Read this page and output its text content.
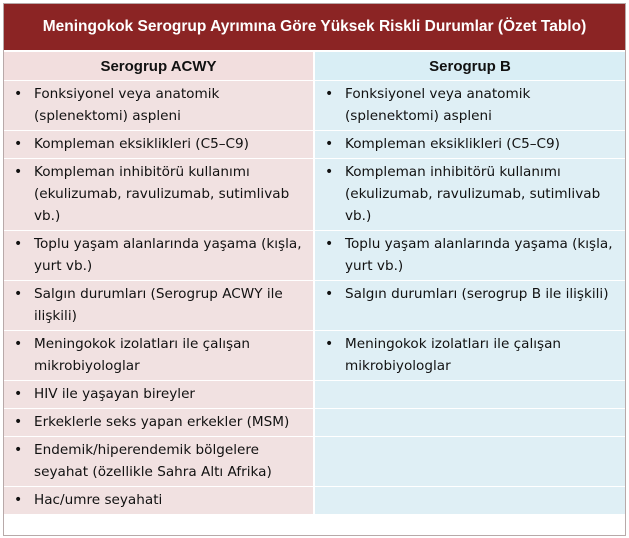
Meningokok Serogrup Ayrımına Göre Yüksek Riskli Durumlar (Özet Tablo)
Serogrup ACWY	Serogrup B

• Fonksiyonel veya anatomik (splenektomi) aspleni	• Fonksiyonel veya anatomik (splenektomi) aspleni

• Kompleman eksiklikleri (C5–C9)	• Kompleman eksiklikleri (C5–C9)

• Kompleman inhibitörü kullanımı (ekulizumab, ravulizumab, sutimlivab vb.)	• Kompleman inhibitörü kullanımı (ekulizumab, ravulizumab, sutimlivab vb.)

• Toplu yaşam alanlarında yaşama (kışla, yurt vb.)	• Toplu yaşam alanlarında yaşama (kışla, yurt vb.)

• Salgın durumları (Serogrup ACWY ile ilişkili)	• Salgın durumları (serogrup B ile ilişkili)

• Meningokok izolatları ile çalışan mikrobiyologlar	• Meningokok izolatları ile çalışan mikrobiyologlar

• HIV ile yaşayan bireyler	

• Erkeklerle seks yapan erkekler (MSM)	

• Endemik/hiperendemik bölgelere seyahat (özellikle Sahra Altı Afrika)	

• Hac/umre seyahati	
